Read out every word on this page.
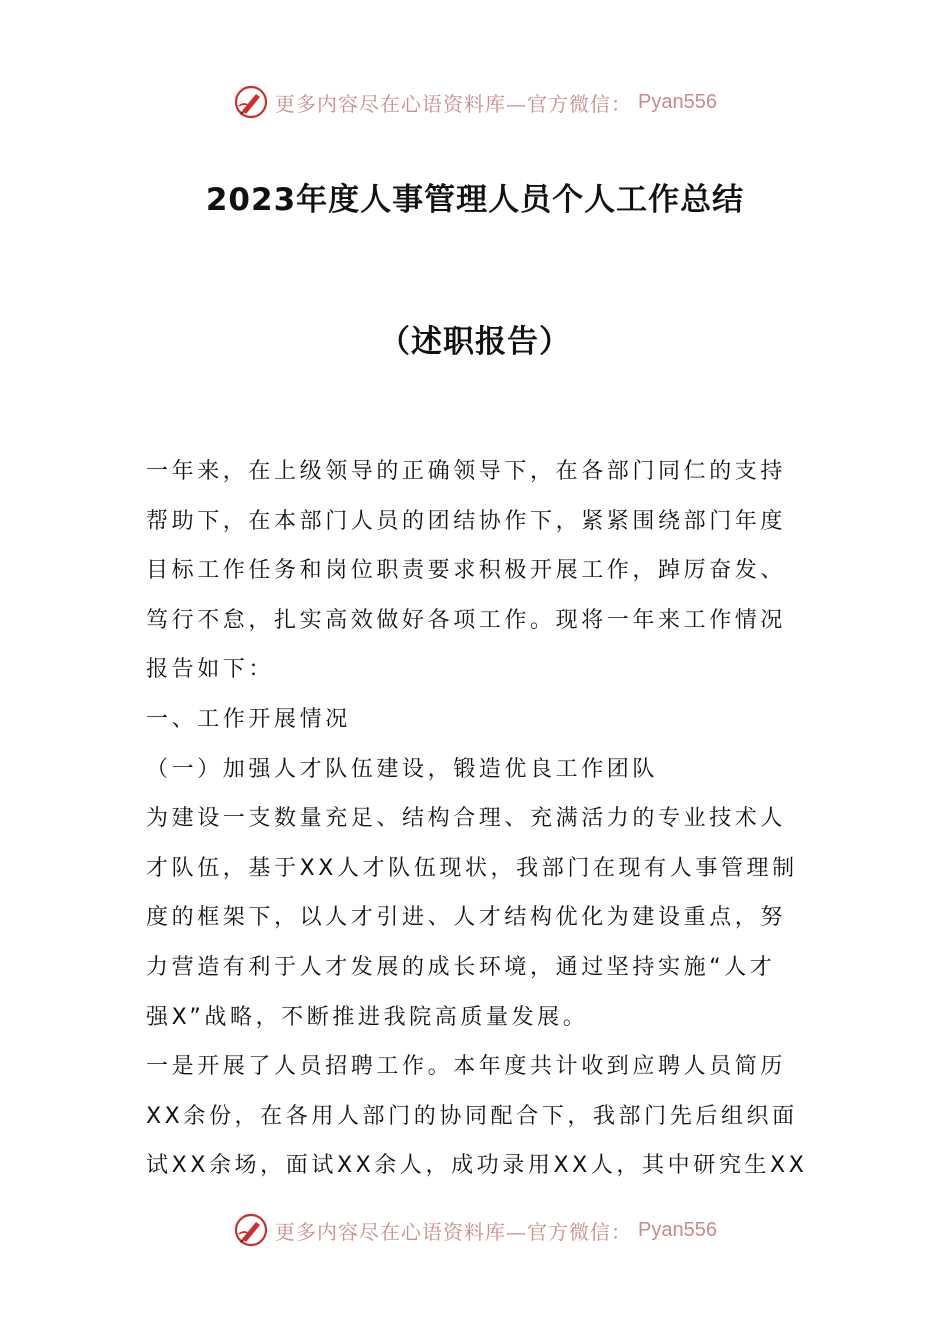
更多内容尽在心语资料库—官方微信： Pyan556
2023年度人事管理人员个人工作总结
（述职报告）
一年来，在上级领导的正确领导下，在各部门同仁的支持
帮助下，在本部门人员的团结协作下，紧紧围绕部门年度
目标工作任务和岗位职责要求积极开展工作，踔厉奋发、
笃行不怠，扎实高效做好各项工作。现将一年来工作情况
报告如下：
一、工作开展情况
（一）加强人才队伍建设，锻造优良工作团队
为建设一支数量充足、结构合理、充满活力的专业技术人
才队伍，基于XX人才队伍现状，我部门在现有人事管理制
度的框架下，以人才引进、人才结构优化为建设重点，努
力营造有利于人才发展的成长环境，通过坚持实施“人才
强X”战略，不断推进我院高质量发展。
一是开展了人员招聘工作。本年度共计收到应聘人员简历
XX余份，在各用人部门的协同配合下，我部门先后组织面
试XX余场，面试XX余人，成功录用XX人，其中研究生XX
更多内容尽在心语资料库—官方微信： Pyan556
